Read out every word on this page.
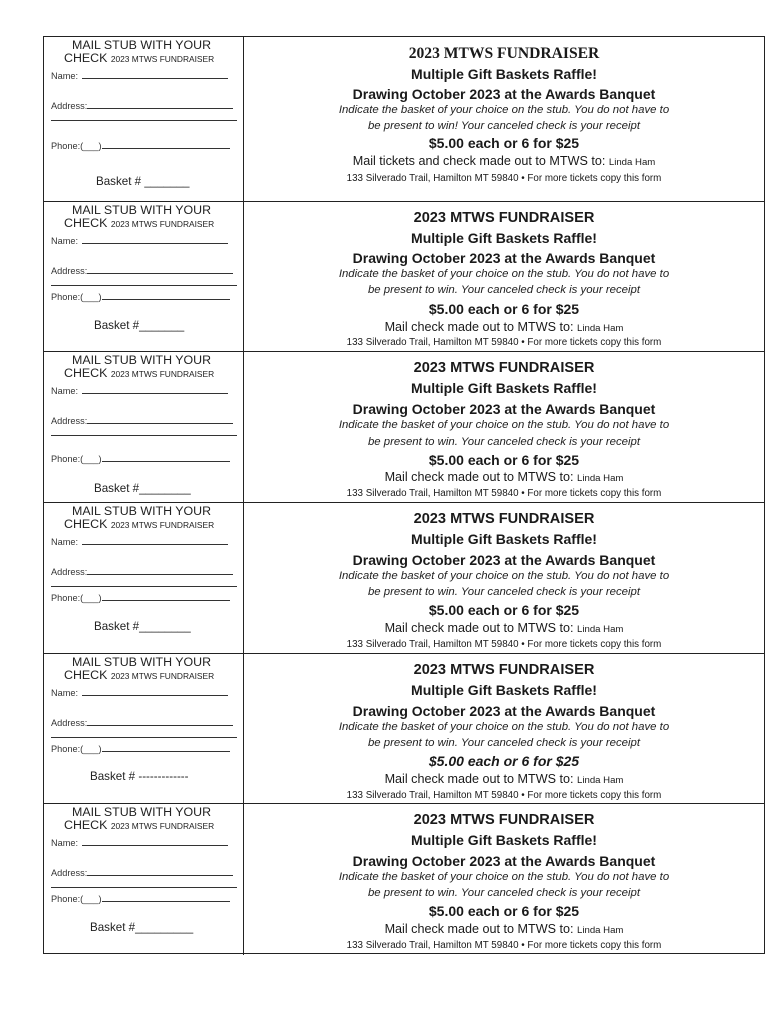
MAIL STUB WITH YOUR
CHECK 2023 MTWS FUNDRAISER
Name:
Address:
Phone:(___)
Basket # _______
2023 MTWS FUNDRAISER
Multiple Gift Baskets Raffle!
Drawing October 2023 at the Awards Banquet
Indicate the basket of your choice on the stub. You do not have to
be present to win! Your canceled check is your receipt
$5.00 each or 6 for $25
Mail tickets and check made out to MTWS to: Linda Ham
133 Silverado Trail, Hamilton MT 59840 • For more tickets copy this form
MAIL STUB WITH YOUR
CHECK 2023 MTWS FUNDRAISER
Name:
Address:
Phone:(___)
Basket #_______
2023 MTWS FUNDRAISER
Multiple Gift Baskets Raffle!
Drawing October 2023 at the Awards Banquet
Indicate the basket of your choice on the stub. You do not have to
be present to win. Your canceled check is your receipt
$5.00 each or 6 for $25
Mail check made out to MTWS to: Linda Ham
133 Silverado Trail, Hamilton MT 59840 • For more tickets copy this form
MAIL STUB WITH YOUR
CHECK 2023 MTWS FUNDRAISER
Name:
Address:
Phone:(___)
Basket #________
2023 MTWS FUNDRAISER
Multiple Gift Baskets Raffle!
Drawing October 2023 at the Awards Banquet
Indicate the basket of your choice on the stub. You do not have to
be present to win. Your canceled check is your receipt
$5.00 each or 6 for $25
Mail check made out to MTWS to: Linda Ham
133 Silverado Trail, Hamilton MT 59840 • For more tickets copy this form
MAIL STUB WITH YOUR
CHECK 2023 MTWS FUNDRAISER
Name:
Address:
Phone:(___)
Basket #________
2023 MTWS FUNDRAISER
Multiple Gift Baskets Raffle!
Drawing October 2023 at the Awards Banquet
Indicate the basket of your choice on the stub. You do not have to
be present to win. Your canceled check is your receipt
$5.00 each or 6 for $25
Mail check made out to MTWS to: Linda Ham
133 Silverado Trail, Hamilton MT 59840 • For more tickets copy this form
MAIL STUB WITH YOUR
CHECK 2023 MTWS FUNDRAISER
Name:
Address:
Phone:(___)
Basket # -------------
2023 MTWS FUNDRAISER
Multiple Gift Baskets Raffle!
Drawing October 2023 at the Awards Banquet
Indicate the basket of your choice on the stub. You do not have to
be present to win. Your canceled check is your receipt
$5.00 each or 6 for $25
Mail check made out to MTWS to: Linda Ham
133 Silverado Trail, Hamilton MT 59840 • For more tickets copy this form
MAIL STUB WITH YOUR
CHECK 2023 MTWS FUNDRAISER
Name:
Address:
Phone:(___)
Basket #_________
2023 MTWS FUNDRAISER
Multiple Gift Baskets Raffle!
Drawing October 2023 at the Awards Banquet
Indicate the basket of your choice on the stub. You do not have to
be present to win. Your canceled check is your receipt
$5.00 each or 6 for $25
Mail check made out to MTWS to: Linda Ham
133 Silverado Trail, Hamilton MT 59840 • For more tickets copy this form
